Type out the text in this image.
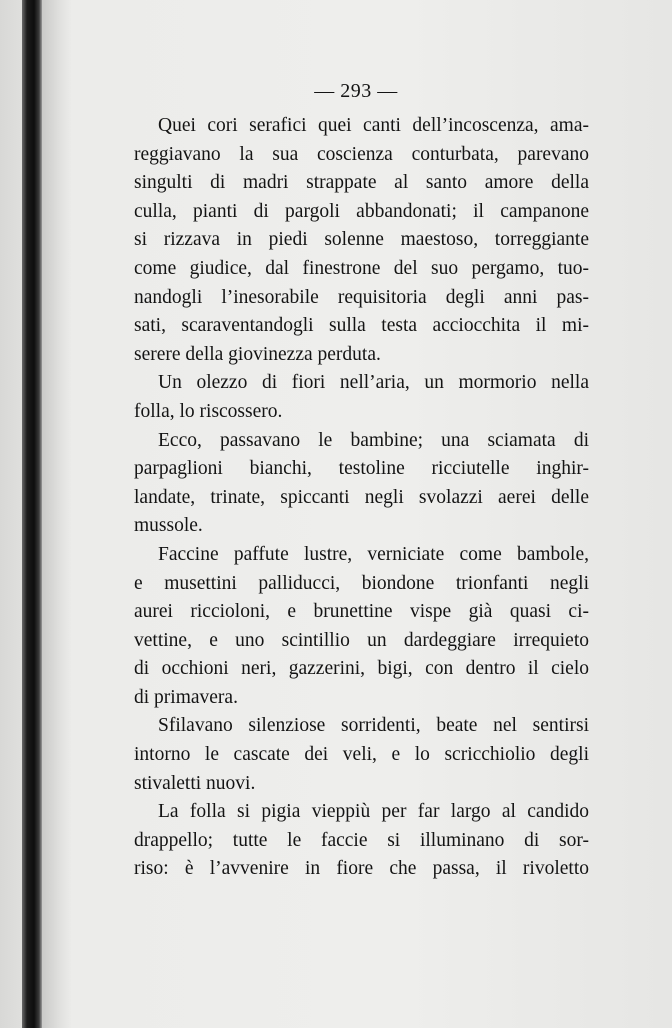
— 293 —
Quei cori serafici quei canti dell’incoscenza, ama-
reggiavano la sua coscienza conturbata, parevano
singulti di madri strappate al santo amore della
culla, pianti di pargoli abbandonati; il campanone
si rizzava in piedi solenne maestoso, torreggiante
come giudice, dal finestrone del suo pergamo, tuo-
nandogli l’inesorabile requisitoria degli anni pas-
sati, scaraventandogli sulla testa acciocchita il mi-
serere della giovinezza perduta.
Un olezzo di fiori nell’aria, un mormorio nella
folla, lo riscossero.
Ecco, passavano le bambine; una sciamata di
parpaglioni bianchi, testoline ricciutelle inghir-
landate, trinate, spiccanti negli svolazzi aerei delle
mussole.
Faccine paffute lustre, verniciate come bambole,
e musettini palliducci, biondone trionfanti negli
aurei riccioloni, e brunettine vispe già quasi ci-
vettine, e uno scintillio un dardeggiare irrequieto
di occhioni neri, gazzerini, bigi, con dentro il cielo
di primavera.
Sfilavano silenziose sorridenti, beate nel sentirsi
intorno le cascate dei veli, e lo scricchiolio degli
stivaletti nuovi.
La folla si pigia vieppiù per far largo al candido
drappello; tutte le faccie si illuminano di sor-
riso: è l’avvenire in fiore che passa, il rivoletto
